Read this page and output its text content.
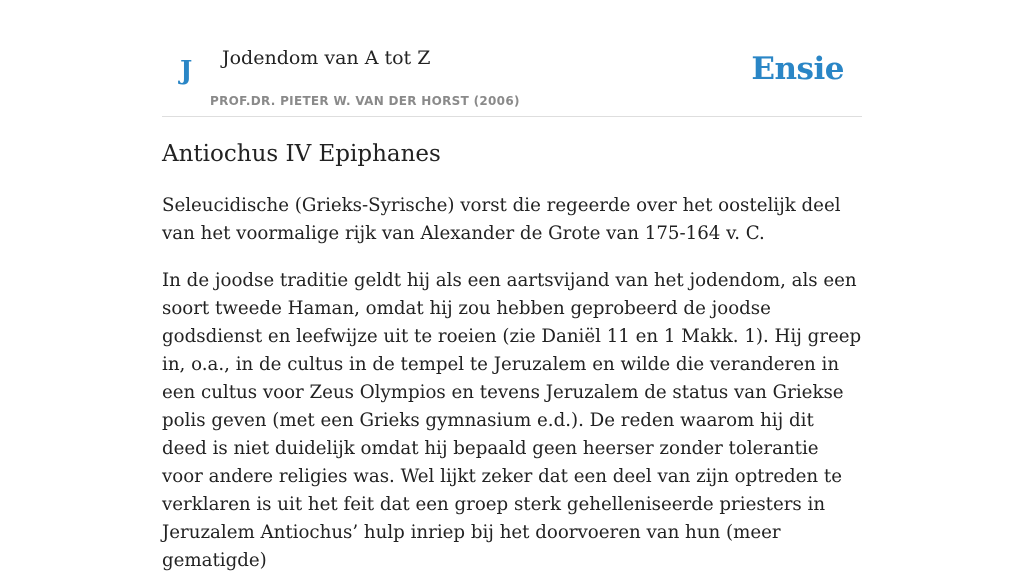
J Jodendom van A tot Z
PROF.DR. PIETER W. VAN DER HORST (2006)
Ensie
Antiochus IV Epiphanes

Seleucidische (Grieks-Syrische) vorst die regeerde over het oostelijk deel van het voormalige rijk van Alexander de Grote van 175-164 v. C.

In de joodse traditie geldt hij als een aartsvijand van het jodendom, als een soort tweede Haman, omdat hij zou hebben geprobeerd de joodse godsdienst en leefwijze uit te roeien (zie Daniël 11 en 1 Makk. 1). Hij greep in, o.a., in de cultus in de tempel te Jeruzalem en wilde die veranderen in een cultus voor Zeus Olympios en tevens Jeruzalem de status van Griekse polis geven (met een Grieks gymnasium e.d.). De reden waarom hij dit deed is niet duidelijk omdat hij bepaald geen heerser zonder tolerantie voor andere religies was. Wel lijkt zeker dat een deel van zijn optreden te verklaren is uit het feit dat een groep sterk gehelleniseerde priesters in Jeruzalem Antiochus’ hulp inriep bij het doorvoeren van hun (meer gematigde)
